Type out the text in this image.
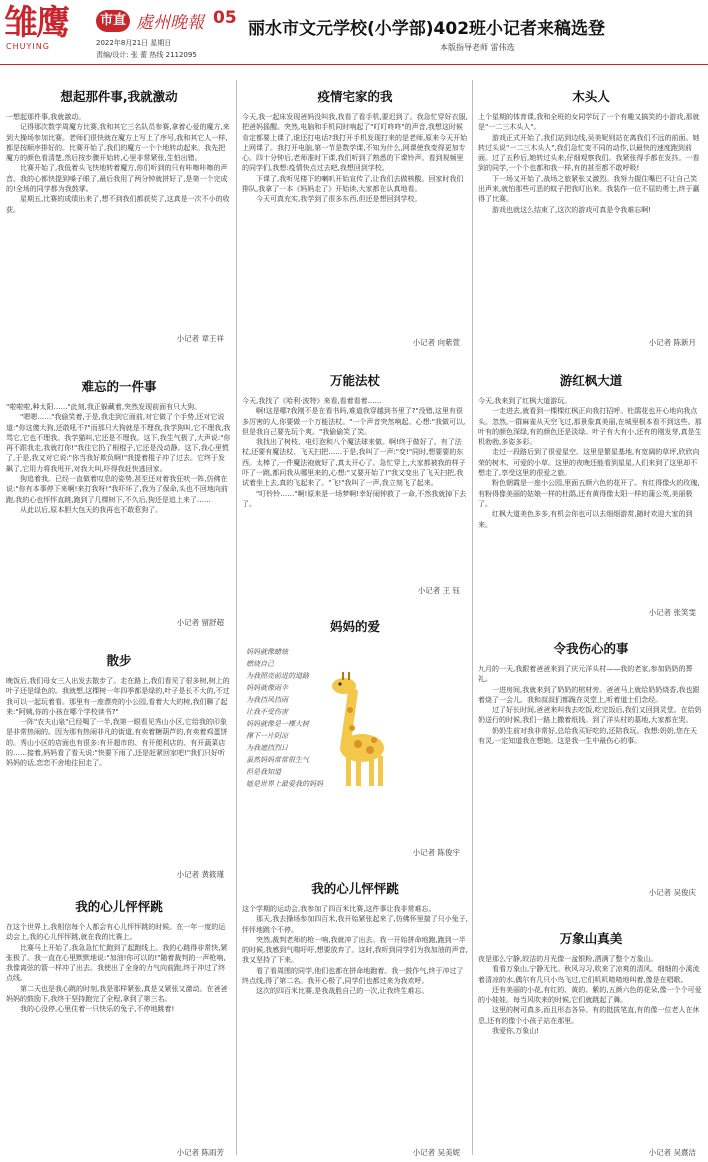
雏鹰
CHUYING
市直 處州晚報 05
2022年8月21日 星期日
责编/设计: 张 蕾 热线 2112095
丽水市文元学校(小学部)402班小记者来稿选登
本版指导老师 雷伟选
想起那件事,我就激动
一想起那件事,我就激动。
　　记得那次数学周魔方比赛,我和其它三名队员参赛,拿着心爱的魔方,来到大操场参加比赛。老师们很快就在魔方上写上了序号,我和其它人一样,都是按顺序排好的。比赛开始了,我们的魔方一个个地转动起来。我先把魔方的颜色看清楚,然后按步骤开始转,心里非常紧张,生怕出错。
　　比赛开始了,我低着头飞快地转着魔方,你们听到的只有咔嚓咔嚓的声音。我的心都快提到嗓子眼了,最后我用了两分钟就拼好了,是第一个完成的!全场的同学都为我鼓掌。
　　星期五,比赛的成绩出来了,想不到我们都获奖了,这真是一次不小的收获。
小记者 章王祥
难忘的一件事
"啦啦啦,种太阳……"此刻,我正躲藏着,突然发现前面有只大狗。
　　"嗯嗯……"我偷笑着,于是,我走到它面前,对它做了个手势,还对它说道:"你这傻大狗,还敢吼不?"而那只大狗就是不理我,我学狗叫,它不理我,我骂它,它也不理我。我学猫叫,它还是不理我。这下,我生气极了,大声说:"你再不跟我走,我就打你!"我往它扔了根棍子,它还是没动静。这下,我心里慌了,于是,我又对它说:"你当我好欺负啊!"我提着棍子冲了过去。它终于发飙了,它用力将我甩开,对我大叫,吓得我赶快逃回家。
　　狗追着我。已经一直做着叹息的姿势,甚至还对着我狂吠一阵,仿佛在说:"你有本事停下来啊!来打我呀!"我吓坏了,我为了保命,头也不回地向前跑,我的心也怦怦直跳,跑到了几棵树下,不久后,狗还是追上来了……
　　从此以后,原本胆大包天的我再也不敢惹狗了。
小记者 留舒超
散步
晚饭后,我们母女三人出发去散步了。走在路上,我们看见了很多树,树上的叶子还是绿色的。我就想,这棵树一年四季都是绿的,叶子是长不大的,不过我可以一起玩着看。那里有一座漂亮的小公园,看着大大的树,我们聊了起来:"阿姨,你的小孩在哪个学校读书?"
　　一阵"农夫山泉"已经喝了一半,我第一眼看见秀山小区,它给我的印象是非常热闹的。因为那有热闹非凡的街道,有卖着糖葫芦的,有卖着鸡蛋饼的。秀山小区的店面也有很多:有开超市的、有开便利店的、有开蔬菜店的……接着,妈妈看了看天说:"快要下雨了,还是赶紧回家吧!"我们只好听妈妈的话,恋恋不舍地往回走了。
小记者 黄筱瑾
我的心儿怦怦跳
在这个世界上,我相信每个人都会有心儿怦怦跳的时候。在一年一度的运动会上,我的心儿怦怦跳,就在我的比赛上。
　　比赛马上开始了,我急急忙忙跑到了起跑线上。我的心跳得非常快,紧张极了。我一直在心里默默地说:"加油!你可以的!"随着裁判的一声枪响,我像离弦的箭一样冲了出去。我使出了全身的力气向前跑,终于冲过了终点线。
　　第二天也是我心跳的时刻,我是那样紧张,真是又紧张又激动。在爸爸妈妈的鼓励下,我终于坚持跑完了全程,拿到了第三名。
　　我的心没停,心里住着一只快乐的兔子,不停地跳着!
小记者 陈雨芳
疫情宅家的我
今天,我一起床发现爸妈没叫我,我看了看手机,要迟到了。我急忙穿好衣服,把爸妈摇醒。突然,电脑和手机同时响起了"叮叮咚咚"的声音,我想这时候肯定都要上课了,谁还打电话?我打开手机发现打来的是老师,原来今天开始上网课了。我打开电脑,第一节是数学课,不知为什么,网课使我变得更加专心。四十分钟后,老师准时下课,我们听到了熟悉的下课铃声。看到视频里的同学们,我想:疫情快点过去吧,我想回到学校。
　　下课了,我听见楼下的喇叭开始宣传了,让我们去做核酸。回家时我们排队,我拿了一本《妈妈走了》开始读,大家都在认真地看。
　　今天可真充实,我学到了很多东西,但还是想回到学校。
小记者 向紫萱
万能法杖
今天,我找了《哈利·波特》来看,看着看着……
　　啊!这是哪?我刚不是在看书吗,难道我穿越到书里了?"没错,这里有很多厉害的人,你要做一个万能法杖。"一个声音突然响起。心想:"我做可以,但是我自己要先玩个爽。"我偷偷笑了笑。
　　我找出了树枝、电灯泡和八个魔法球来做。啊!终于做好了。有了法杖,还要有魔法杖、飞天扫把……于是,我叫了一声:"变!"同时,想要要的东西。太棒了,一件魔法袍就好了,真太开心了。急忙穿上,大家都被我的样子吓了一跳,都问我从哪里来的,心想:"又要开始了!"我又变出了飞天扫把,我试着坐上去,真的飞起来了。"飞!"我叫了一声,我立刻飞了起来。
　　"叮铃铃……"啊!原来是一场梦啊!幸好闹钟救了一命,不然我就掉下去了。
小记者 王 钰
妈妈的爱
妈妈就像蜡烛
燃烧自己
为我照亮前进的道路
妈妈就像雨伞
为我挡风挡雨
让我不受伤害
妈妈就像是一棵大树
撑下一片阴凉
为我遮挡烈日
虽然妈妈常常很生气
但是我知道
她是世界上最爱我的妈妈
小记者 陈俊宇
我的心儿怦怦跳
这个学期的运动会,我参加了四百米比赛,这件事让我非常难忘。
　　那天,我去操场参加四百米,我开始紧张起来了,仿佛怀里揣了只小兔子,怦怦地跳个不停。
　　突然,裁判老师的枪一响,我就冲了出去。我一开始拼命地跑,跑到一半的时候,我感到气喘吁吁,想要放弃了。这时,我听到同学们为我加油的声音,我又坚持了下来。
　　看了看周围的同学,他们也都在拼命地跑着。我一鼓作气,终于冲过了终点线,得了第二名。我开心极了,同学们也都过来为我欢呼。
　　这次的四百米比赛,是我战胜自己的一次,让我终生难忘。
小记者 吴美妮
木头人
上个星期的体育课,我和全班的女同学玩了一个有趣又搞笑的小游戏,那就是"一二三木头人"。
　　游戏正式开始了,我们站到边线,吴美妮则站在离我们不远的前面。她转过头说"一二三木头人",我们急忙变不同的动作,以最快的速度跑到前面。过了五秒后,她转过头来,仔细观察我们。我紧张得手都在发抖。一看到的同学,一个个也都和我一样,有的甚至都不敢呼吸!
　　下一场又开始了,战场之旅紧张又激烈。我努力握住嘴巴不让自己笑出声来,就怕那些可恶的蚊子把我叮出来。我装作一位不屈的勇士,终于赢得了比赛。
　　游戏也就这么结束了,这次的游戏可真是令我难忘啊!
小记者 陈新月
游红枫大道
今天,我来到了红枫大道游玩。
　　一走进去,就看到一棵棵红枫正向我打招呼。杜鹃花也开心地向我点头。忽然,一群麻雀从天空飞过,那景象真美丽,在城里根本看不到这些。那叶有的颜色深绿,有的颜色还是淡绿。叶子有大有小,还有的刚发芽,真是生机勃勃,多姿多彩。
　　走过一段路后到了很爱星空。这里是繁星基地,有宽阔的草坪,欣欣向荣的树木、可爱的小草。这里的夜晚还能看到星星,人们来到了这里却不想走了,享受这里的很爱之旅。
　　粉色朝霞是一座小公园,里面五颜六色的花开了。有红得像火的玫瑰,有粉得像美丽的姑娘一样的杜鹃,还有黄得像太阳一样的蒲公英,美丽极了。
　　红枫大道美色多多,有机会你也可以去细细游赏,随时欢迎大家的到来。
小记者 张笑雯
令我伤心的事
九月的一天,我跟着爸爸来到了庆元洋头村——我的老家,参加奶奶的葬礼。
　　一进房间,我就来到了奶奶的棺材旁。爸爸马上就给奶奶烧香,我也跟着烧了一会儿。我和叔叔们都跪在灵堂上,听着道士们念经。
　　过了好长时间,爸爸来叫我去吃饭,吃完饭后,我们又回到灵堂。在给奶奶送行的时候,我们一路上撒着纸钱。到了洋头村的墓地,大家都在哭。
　　奶奶生前对我非常好,总给我买好吃的,还陪我玩。我想:奶奶,您在天有灵,一定知道我在想她。这是我一生中最伤心的事。
小记者 吴俊庆
万象山真美
夜是那么宁静,皎洁的月光像一盆银粉,洒满了整个万象山。
　　看看万象山,宁静无比。秋风习习,吹来了凉爽的清风。细细的小溪流着清凉的水,偶尔有几只小鸟飞过,它们叽叽喳喳地叫着,像是在唱歌。
　　还有美丽的小花,有红的、黄的、紫的,五颜六色的花朵,像一个个可爱的小娃娃。每当风吹来的时候,它们就跳起了舞。
　　这里的树可真多,而且形态各异。有的挺拔笔直,有的像一位老人在休息,还有的像个小孩子站在那里。
　　我爱你,万象山!
小记者 吴熹洁
